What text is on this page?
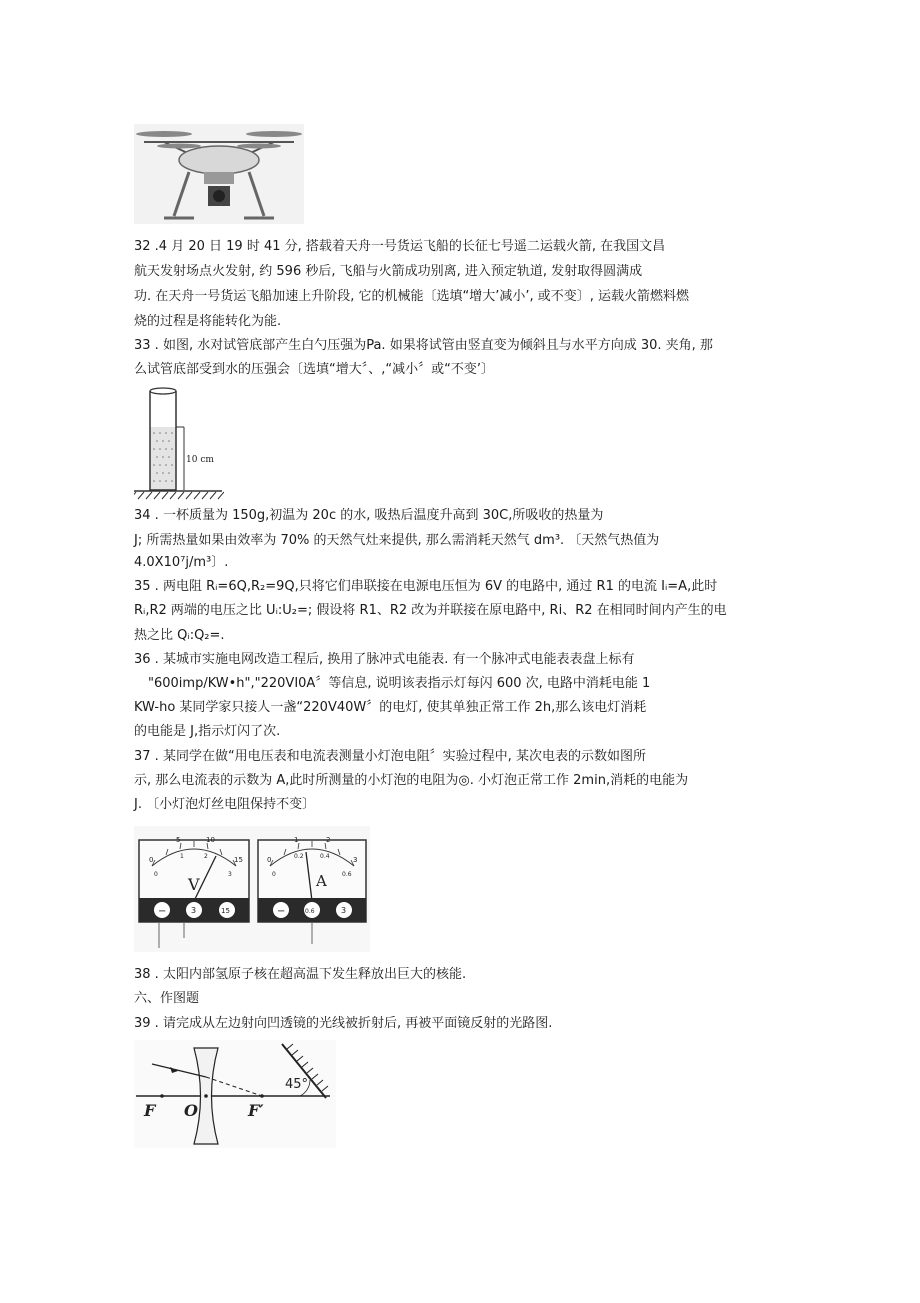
32 .4 月 20 日 19 时 41 分, 搭载着天舟一号货运飞船的长征七号遥二运载火箭, 在我国文昌
航天发射场点火发射, 约 596 秒后, 飞船与火箭成功别离, 进入预定轨道, 发射取得圆满成
功. 在天舟一号货运飞船加速上升阶段, 它的机械能〔选填“增大’减小’, 或不变〕, 运载火箭燃料燃
烧的过程是将能转化为能.
33 . 如图, 水对试管底部产生白勺压强为Pa. 如果将试管由竖直变为倾斜且与水平方向成 30. 夹角, 那
么试管底部受到水的压强会〔选填“增大〞、,“减小〞或“不变’〕
10 cm
34 . 一杯质量为 150g,初温为 20c 的水, 吸热后温度升高到 30C,所吸收的热量为
J; 所需热量如果由效率为 70% 的天然气灶来提供, 那么需消耗天然气 dm³. 〔天然气热值为
4.0X10⁷j/m³〕.
35 . 两电阻 Rᵢ=6Q,R₂=9Q,只将它们串联接在电源电压恒为 6V 的电路中, 通过 R1 的电流 Iᵢ=A,此时
Rᵢ,R2 两端的电压之比 Uᵢ:U₂=; 假设将 R1、R2 改为并联接在原电路中, Ri、R2 在相同时间内产生的电
热之比 Qᵢ:Q₂=.
36 . 某城市实施电网改造工程后, 换用了脉冲式电能表. 有一个脉冲式电能表表盘上标有
"600imp/KW•h","220VI0A〞等信息, 说明该表指示灯每闪 600 次, 电路中消耗电能 1
KW-ho 某同学家只接人一盏“220V40W〞的电灯, 使其单独正常工作 2h,那么该电灯消耗
的电能是 J,指示灯闪了次.
37 . 某同学在做“用电压表和电流表测量小灯泡电阻〞实验过程中, 某次电表的示数如图所
示, 那么电流表的示数为 A,此时所测量的小灯泡的电阻为◎. 小灯泡正常工作 2min,消耗的电能为
J. 〔小灯泡灯丝电阻保持不变〕
0
5	10
15
0
1	2
3
V
−	3	15
0
1	2
3
0
0.2	0.4
0.6
A
−	0.6	3
38 . 太阳内部氢原子核在超高温下发生释放出巨大的核能.
六、作图题
39 . 请完成从左边射向凹透镜的光线被折射后, 再被平面镜反射的光路图.
45°
F O	F′
